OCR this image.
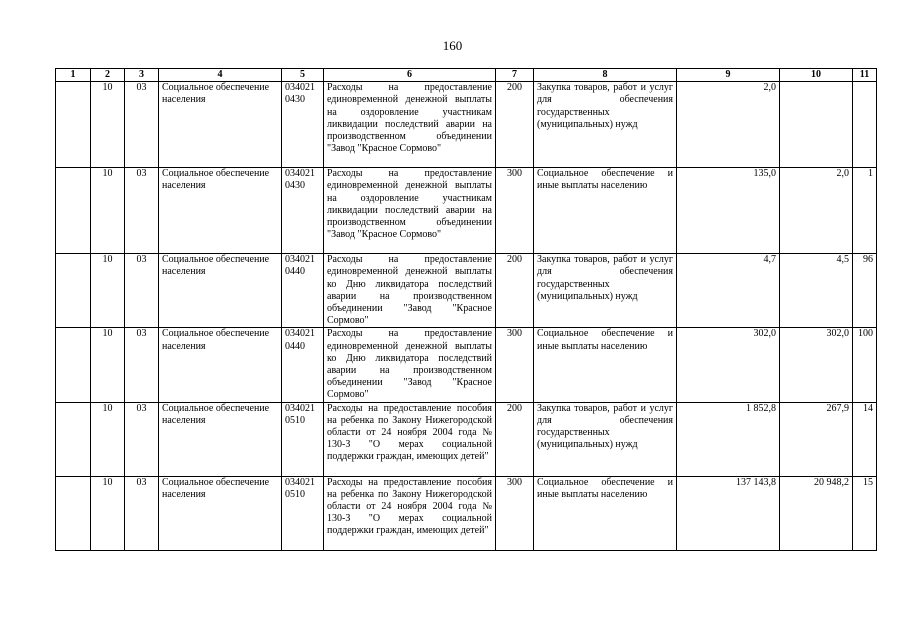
160
1	2	3	4	5	6	7	8	9	10	11
	10	03	Социальное обеспечение населения	034021 0430	Расходы на предоставление единовременной денежной выплаты на оздоровление участникам ликвидации последствий аварии на производственном объединении "Завод "Красное Сормово"	200	Закупка товаров, работ и услуг для обеспечения государственных (муниципальных) нужд	2,0		
	10	03	Социальное обеспечение населения	034021 0430	Расходы на предоставление единовременной денежной выплаты на оздоровление участникам ликвидации последствий аварии на производственном объединении "Завод "Красное Сормово"	300	Социальное обеспечение и иные выплаты населению	135,0	2,0	1
	10	03	Социальное обеспечение населения	034021 0440	Расходы на предоставление единовременной денежной выплаты ко Дню ликвидатора последствий аварии на производственном объединении "Завод "Красное Сормово"	200	Закупка товаров, работ и услуг для обеспечения государственных (муниципальных) нужд	4,7	4,5	96
	10	03	Социальное обеспечение населения	034021 0440	Расходы на предоставление единовременной денежной выплаты ко Дню ликвидатора последствий аварии на производственном объединении "Завод "Красное Сормово"	300	Социальное обеспечение и иные выплаты населению	302,0	302,0	100
	10	03	Социальное обеспечение населения	034021 0510	Расходы на предоставление пособия на ребенка по Закону Нижегородской области от 24 ноября 2004 года № 130-З "О мерах социальной поддержки граждан, имеющих детей"	200	Закупка товаров, работ и услуг для обеспечения государственных (муниципальных) нужд	1 852,8	267,9	14
	10	03	Социальное обеспечение населения	034021 0510	Расходы на предоставление пособия на ребенка по Закону Нижегородской области от 24 ноября 2004 года № 130-З "О мерах социальной поддержки граждан, имеющих детей"	300	Социальное обеспечение и иные выплаты населению	137 143,8	20 948,2	15
